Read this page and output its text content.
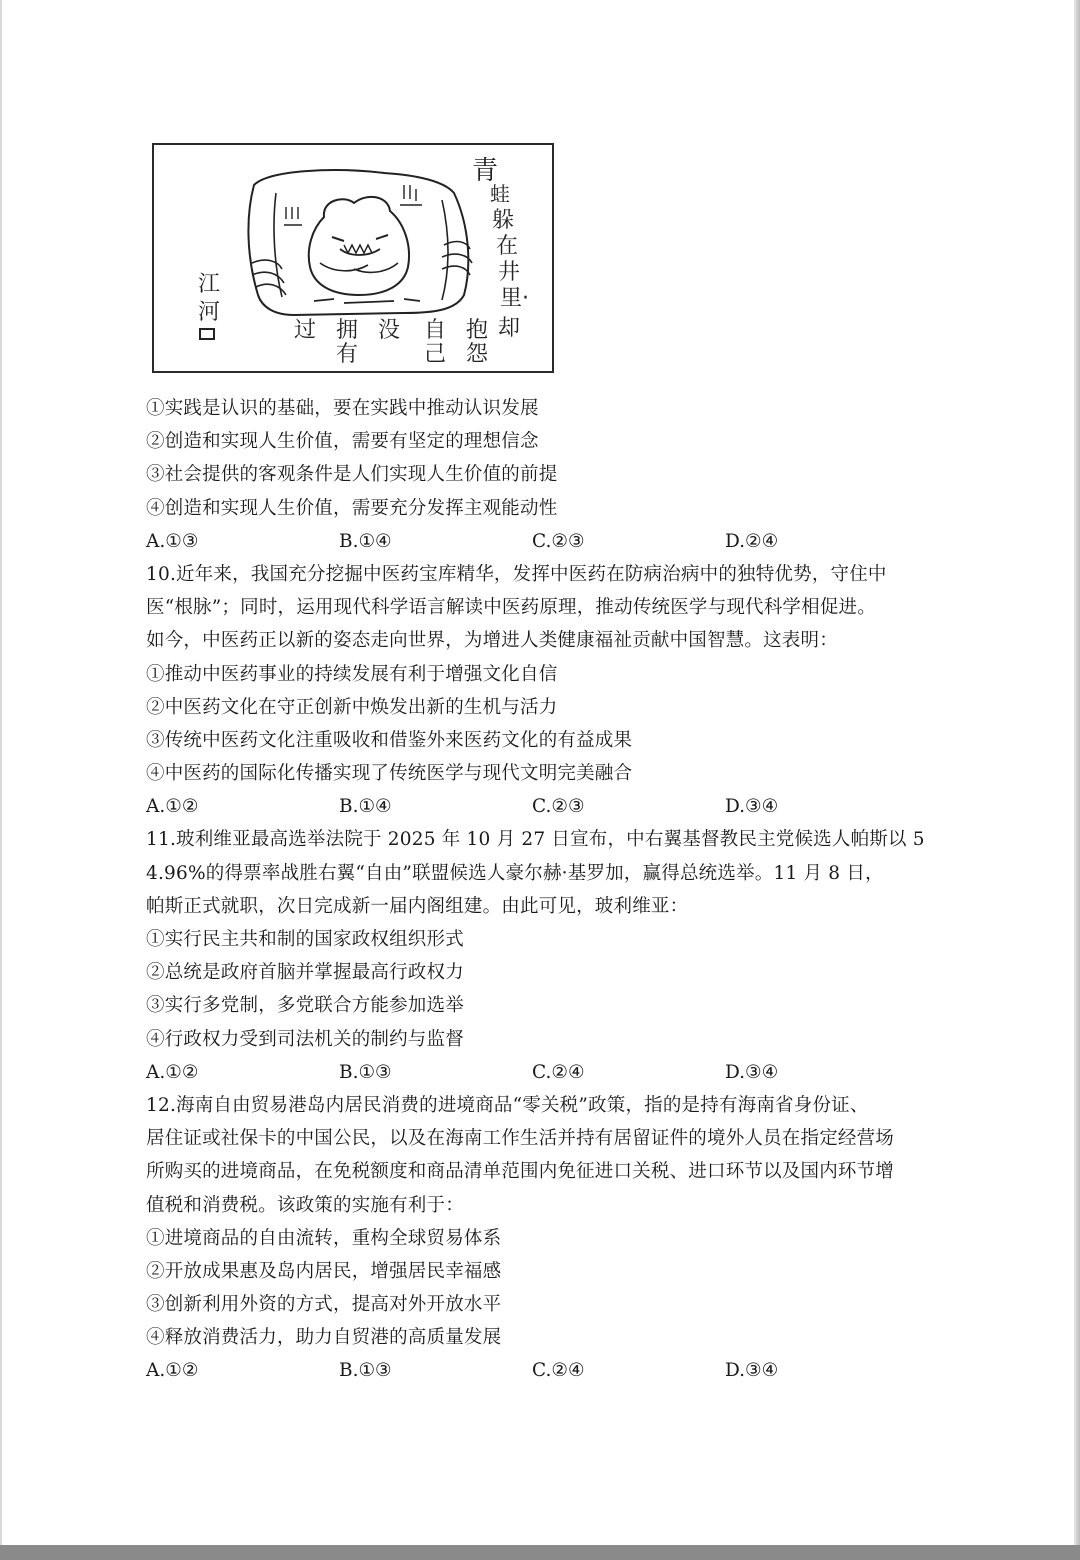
青
蛙
躲
在
井
里·
却
抱
怨
自
己
没
拥
有
过
江
河
①实践是认识的基础，要在实践中推动认识发展
②创造和实现人生价值，需要有坚定的理想信念
③社会提供的客观条件是人们实现人生价值的前提
④创造和实现人生价值，需要充分发挥主观能动性
A.①③	B.①④	C.②③	D.②④
10.近年来，我国充分挖掘中医药宝库精华，发挥中医药在防病治病中的独特优势，守住中
医“根脉”；同时，运用现代科学语言解读中医药原理，推动传统医学与现代科学相促进。
如今，中医药正以新的姿态走向世界，为增进人类健康福祉贡献中国智慧。这表明：
①推动中医药事业的持续发展有利于增强文化自信
②中医药文化在守正创新中焕发出新的生机与活力
③传统中医药文化注重吸收和借鉴外来医药文化的有益成果
④中医药的国际化传播实现了传统医学与现代文明完美融合
A.①②	B.①④	C.②③	D.③④
11.玻利维亚最高选举法院于 2025 年 10 月 27 日宣布，中右翼基督教民主党候选人帕斯以 5
4.96%的得票率战胜右翼“自由”联盟候选人豪尔赫·基罗加，赢得总统选举。11 月 8 日，
帕斯正式就职，次日完成新一届内阁组建。由此可见，玻利维亚：
①实行民主共和制的国家政权组织形式
②总统是政府首脑并掌握最高行政权力
③实行多党制，多党联合方能参加选举
④行政权力受到司法机关的制约与监督
A.①②	B.①③	C.②④	D.③④
12.海南自由贸易港岛内居民消费的进境商品“零关税”政策，指的是持有海南省身份证、
居住证或社保卡的中国公民，以及在海南工作生活并持有居留证件的境外人员在指定经营场
所购买的进境商品，在免税额度和商品清单范围内免征进口关税、进口环节以及国内环节增
值税和消费税。该政策的实施有利于：
①进境商品的自由流转，重构全球贸易体系
②开放成果惠及岛内居民，增强居民幸福感
③创新利用外资的方式，提高对外开放水平
④释放消费活力，助力自贸港的高质量发展
A.①②	B.①③	C.②④	D.③④
